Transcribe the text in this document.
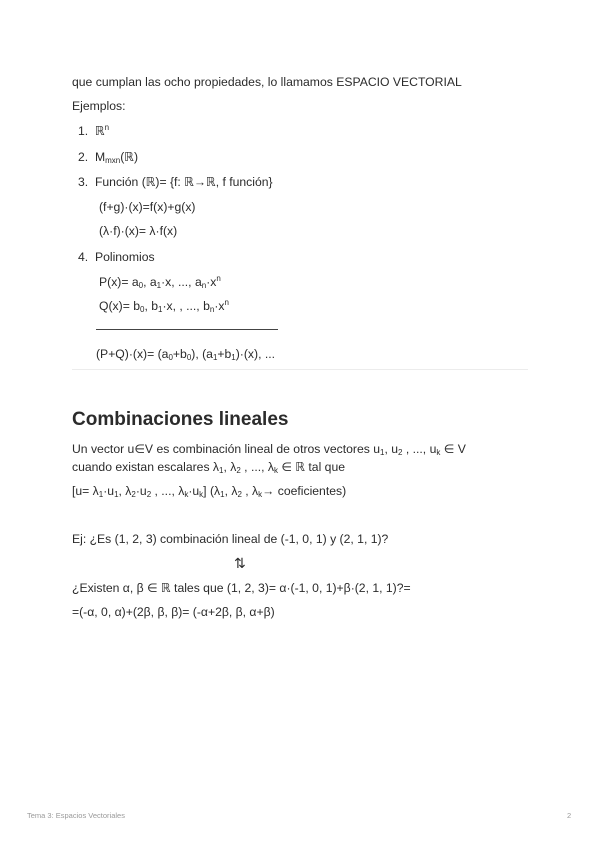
que cumplan las ocho propiedades, lo llamamos ESPACIO VECTORIAL
Ejemplos:
1. ℝ$^n$
2. $M_{mxn}(ℝ)$
3. Función (ℝ)= {f: ℝ→ℝ, f función}
(f+g)·(x)=f(x)+g(x)
(λ·f)·(x)= λ·f(x)
4. Polinomios
$P(x)= a_0$, $a_1\cdot x$, ..., $a_n\cdot x^n$
$Q(x)= b_0$, $b_1\cdot x$, , ..., $b_n\cdot x^n$
$(P+Q)\cdot(x)= (a_0+b_0)$, $(a_1+b_1)\cdot(x)$, ...
Combinaciones lineales
Un vector u∈V es combinación lineal de otros vectores $u_1$, $u_2$ , ..., $u_k$ ∈ V
cuando existan escalares $\lambda_1$, $\lambda_2$ , ..., $\lambda_k$ ∈ ℝ tal que
[$u= \lambda_1\cdot u_1$, $\lambda_2\cdot u_2$ , ..., $\lambda_k\cdot u_k$] ($\lambda_1$, $\lambda_2$ , $\lambda_k\to$ coeficientes)
Ej: ¿Es (1, 2, 3) combinación lineal de (-1, 0, 1) y (2, 1, 1)?
⇅
¿Existen α, β ∈ ℝ tales que (1, 2, 3)= α·(-1, 0, 1)+β·(2, 1, 1)?=
=(-α, 0, α)+(2β, β, β)= (-α+2β, β, α+β)
Tema 3: Espacios Vectoriales	2
